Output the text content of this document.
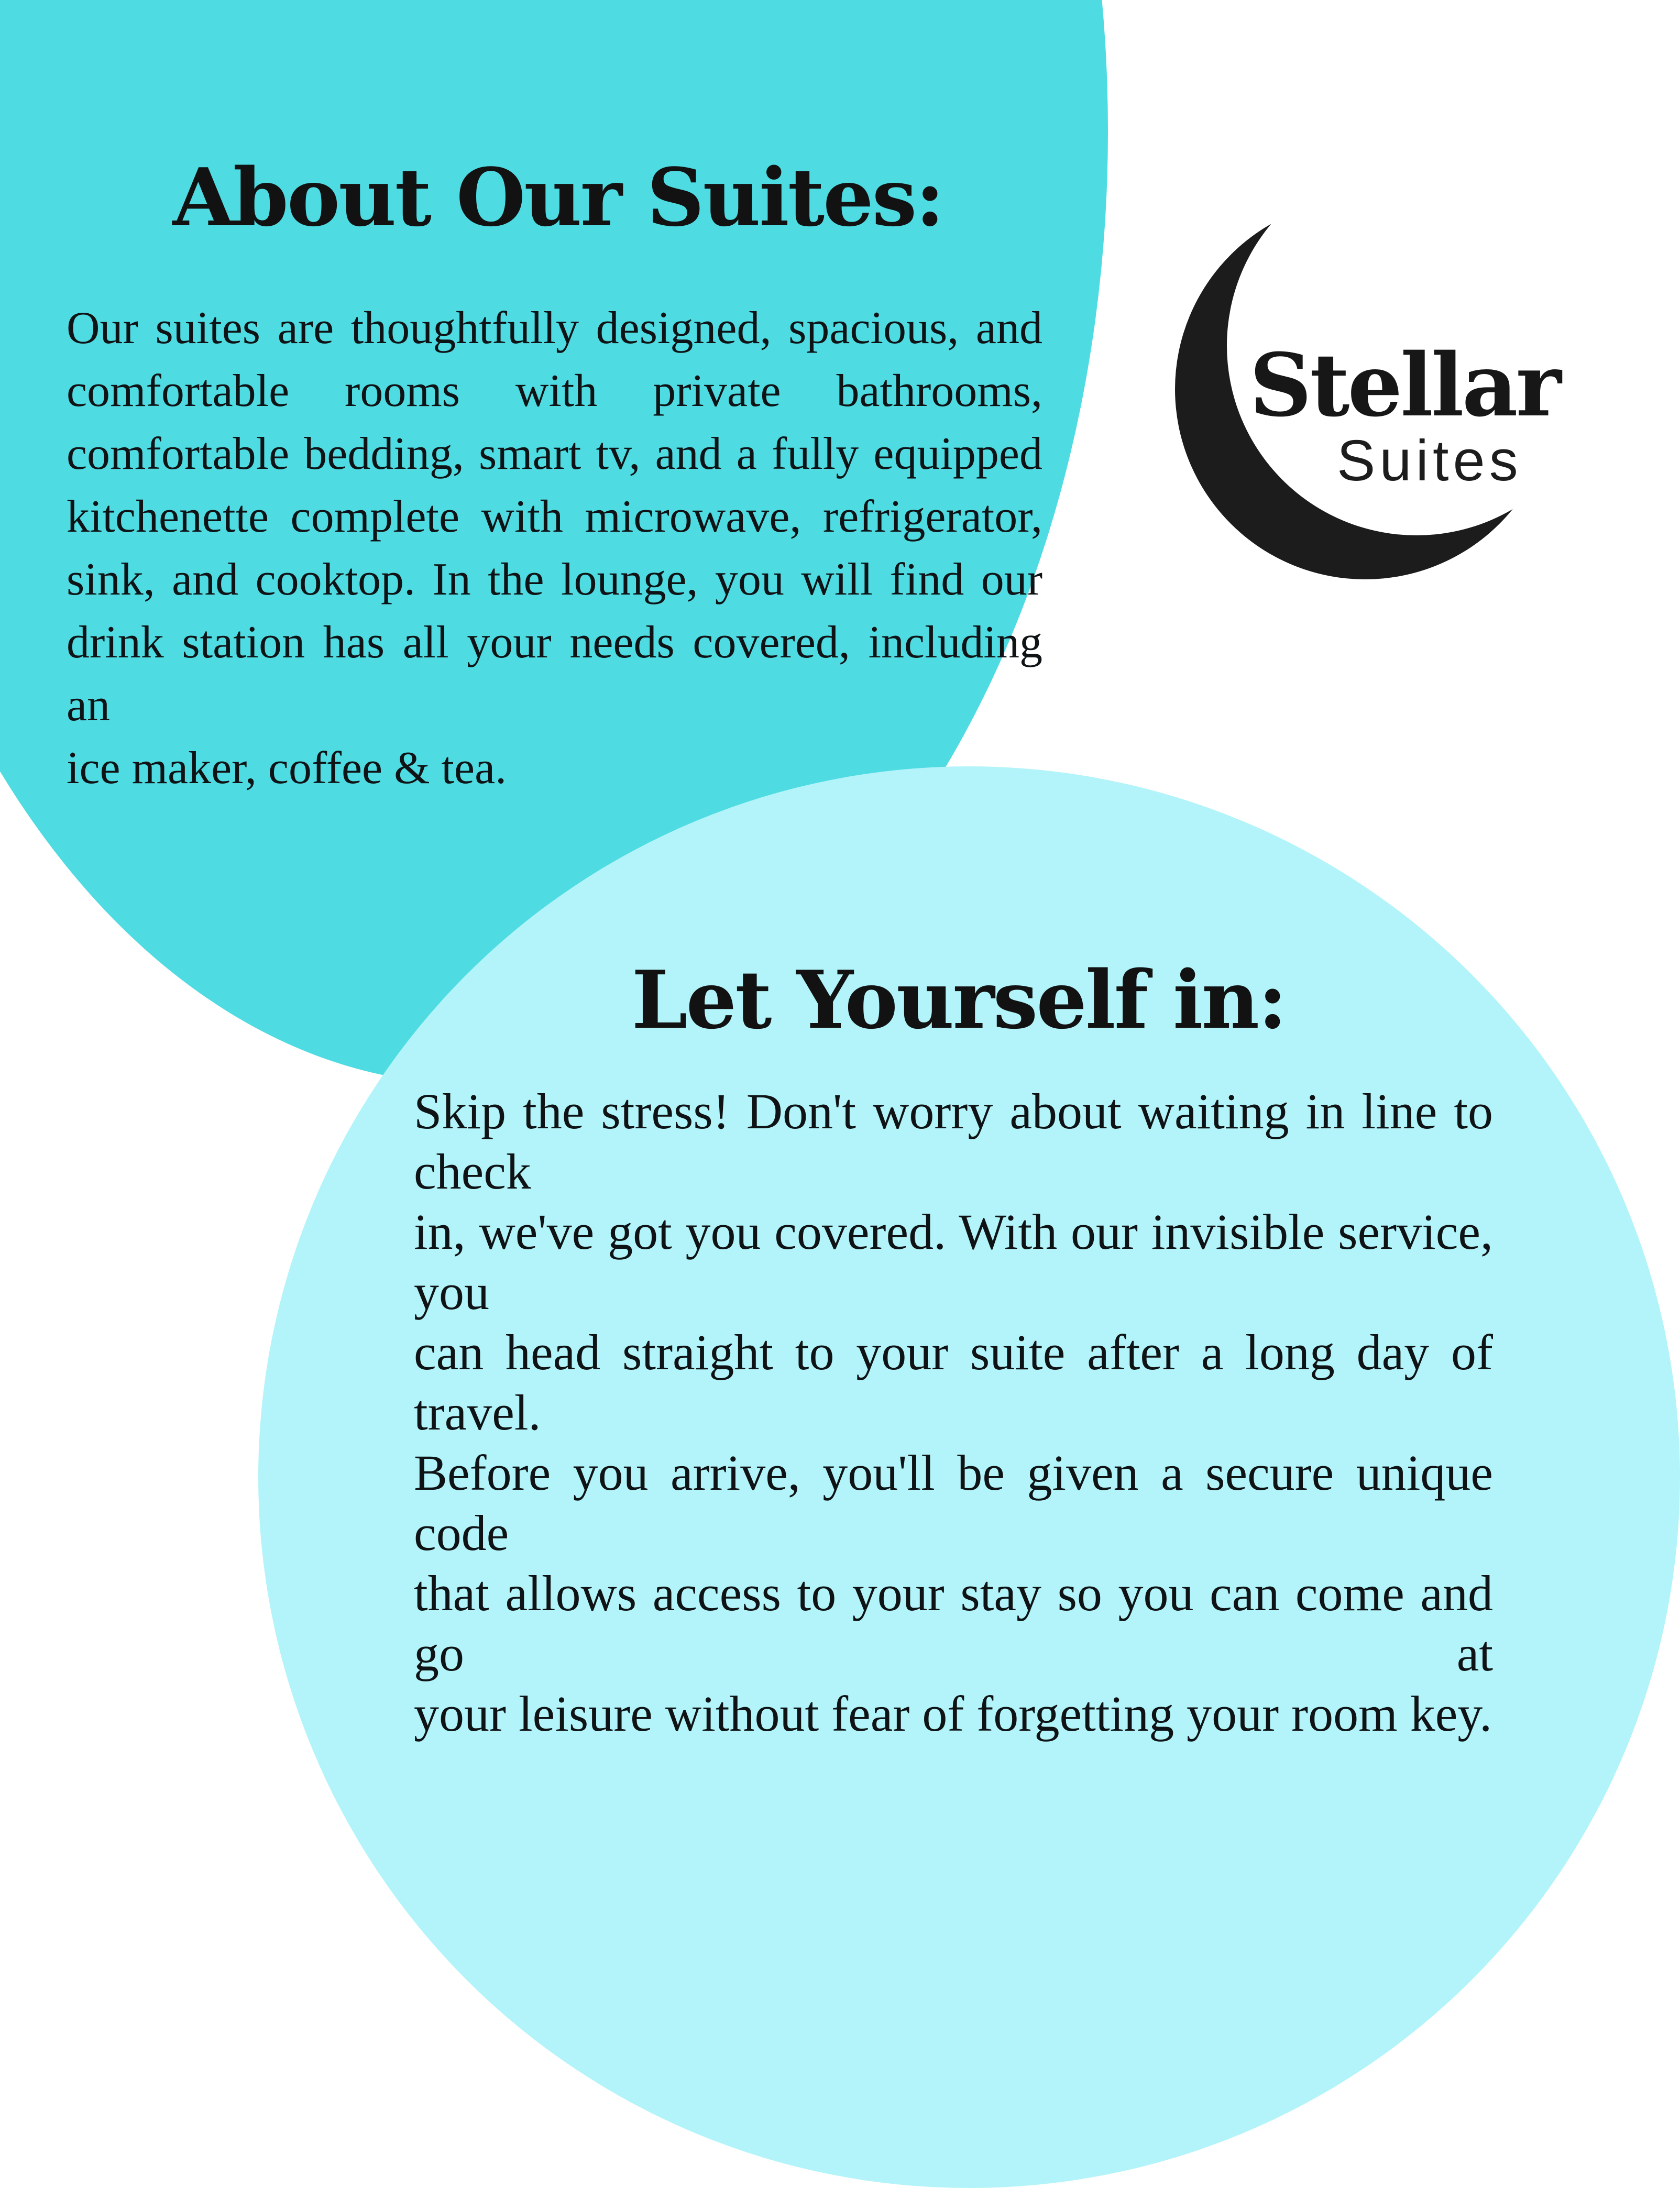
About Our Suites:
Our suites are thoughtfully designed, spacious, and
comfortable rooms with private bathrooms,
comfortable bedding, smart tv, and a fully equipped
kitchenette complete with microwave, refrigerator,
sink, and cooktop. In the lounge, you will find our
drink station has all your needs covered, including an
ice maker, coffee & tea.
Stellar
Suites
Let Yourself in:
Skip the stress! Don't worry about waiting in line to check
in, we've got you covered. With our invisible service, you
can head straight to your suite after a long day of travel.
Before you arrive, you'll be given a secure unique code
that allows access to your stay so you can come and go at
your leisure without fear of forgetting your room key.
